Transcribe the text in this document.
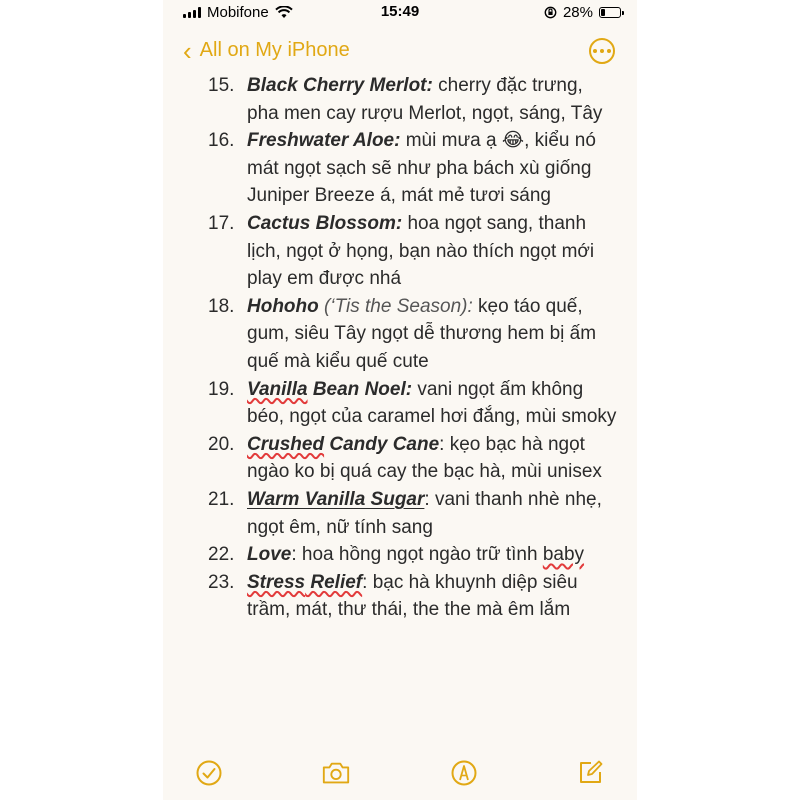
Mobifone	15:49	28%
‹ All on My iPhone
15. Black Cherry Merlot: cherry đặc trưng, pha men cay rượu Merlot, ngọt, sáng, Tây
16. Freshwater Aloe: mùi mưa ạ 😂, kiểu nó mát ngọt sạch sẽ như pha bách xù giống Juniper Breeze á, mát mẻ tươi sáng
17. Cactus Blossom: hoa ngọt sang, thanh lịch, ngọt ở họng, bạn nào thích ngọt mới play em được nhá
18. Hohoho (‘Tis the Season): kẹo táo quế, gum, siêu Tây ngọt dễ thương hem bị ấm quế mà kiểu quế cute
19. Vanilla Bean Noel: vani ngọt ấm không béo, ngọt của caramel hơi đắng, mùi smoky
20. Crushed Candy Cane: kẹo bạc hà ngọt ngào ko bị quá cay the bạc hà, mùi unisex
21. Warm Vanilla Sugar: vani thanh nhè nhẹ, ngọt êm, nữ tính sang
22. Love: hoa hồng ngọt ngào trữ tình baby
23. Stress Relief: bạc hà khuynh diệp siêu trầm, mát, thư thái, the the mà êm lắm
